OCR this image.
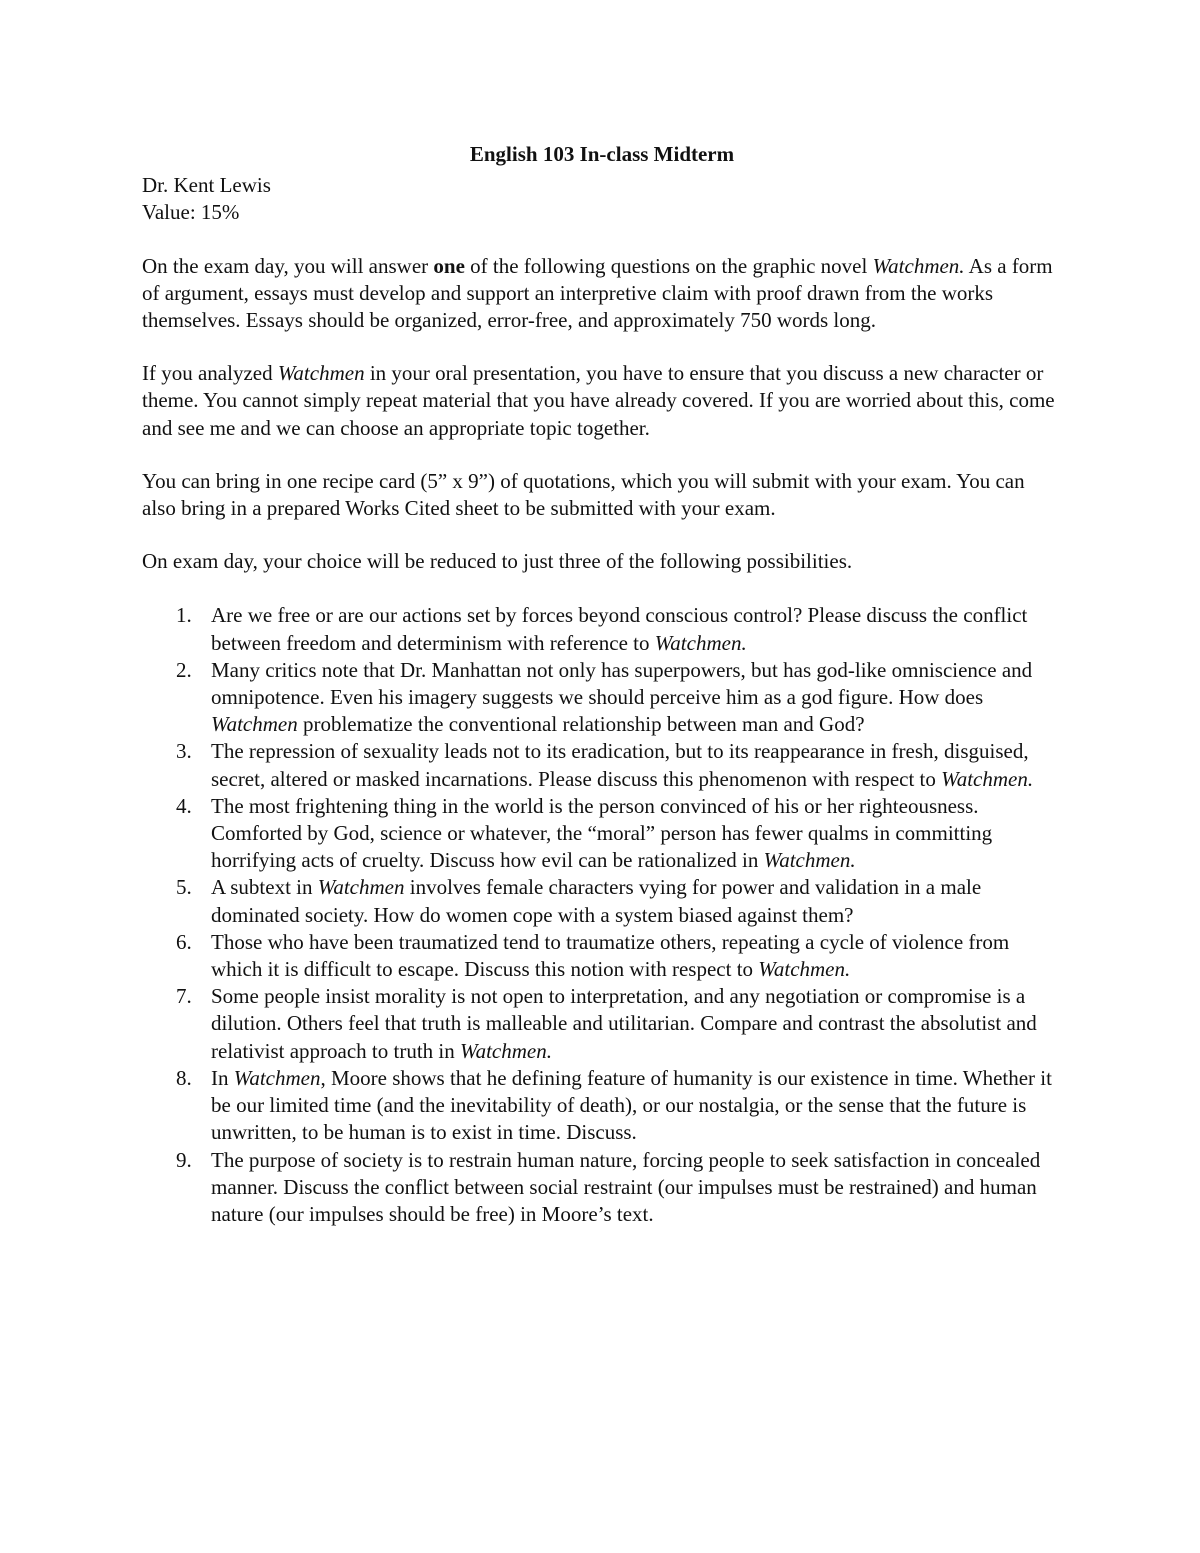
English 103 In-class Midterm

Dr. Kent Lewis

Value: 15%

On the exam day, you will answer one of the following questions on the graphic novel Watchmen. As a form of argument, essays must develop and support an interpretive claim with proof drawn from the works themselves. Essays should be organized, error-free, and approximately 750 words long.

If you analyzed Watchmen in your oral presentation, you have to ensure that you discuss a new character or theme. You cannot simply repeat material that you have already covered. If you are worried about this, come and see me and we can choose an appropriate topic together.

You can bring in one recipe card (5” x 9”) of quotations, which you will submit with your exam. You can also bring in a prepared Works Cited sheet to be submitted with your exam.

On exam day, your choice will be reduced to just three of the following possibilities.

1. Are we free or are our actions set by forces beyond conscious control? Please discuss the conflict between freedom and determinism with reference to Watchmen.
2. Many critics note that Dr. Manhattan not only has superpowers, but has god-like omniscience and omnipotence. Even his imagery suggests we should perceive him as a god figure. How does Watchmen problematize the conventional relationship between man and God?
3. The repression of sexuality leads not to its eradication, but to its reappearance in fresh, disguised, secret, altered or masked incarnations. Please discuss this phenomenon with respect to Watchmen.
4. The most frightening thing in the world is the person convinced of his or her righteousness. Comforted by God, science or whatever, the “moral” person has fewer qualms in committing horrifying acts of cruelty. Discuss how evil can be rationalized in Watchmen.
5. A subtext in Watchmen involves female characters vying for power and validation in a male dominated society. How do women cope with a system biased against them?
6. Those who have been traumatized tend to traumatize others, repeating a cycle of violence from which it is difficult to escape. Discuss this notion with respect to Watchmen.
7. Some people insist morality is not open to interpretation, and any negotiation or compromise is a dilution. Others feel that truth is malleable and utilitarian. Compare and contrast the absolutist and relativist approach to truth in Watchmen.
8. In Watchmen, Moore shows that he defining feature of humanity is our existence in time. Whether it be our limited time (and the inevitability of death), or our nostalgia, or the sense that the future is unwritten, to be human is to exist in time. Discuss.
9. The purpose of society is to restrain human nature, forcing people to seek satisfaction in concealed manner. Discuss the conflict between social restraint (our impulses must be restrained) and human nature (our impulses should be free) in Moore’s text.
